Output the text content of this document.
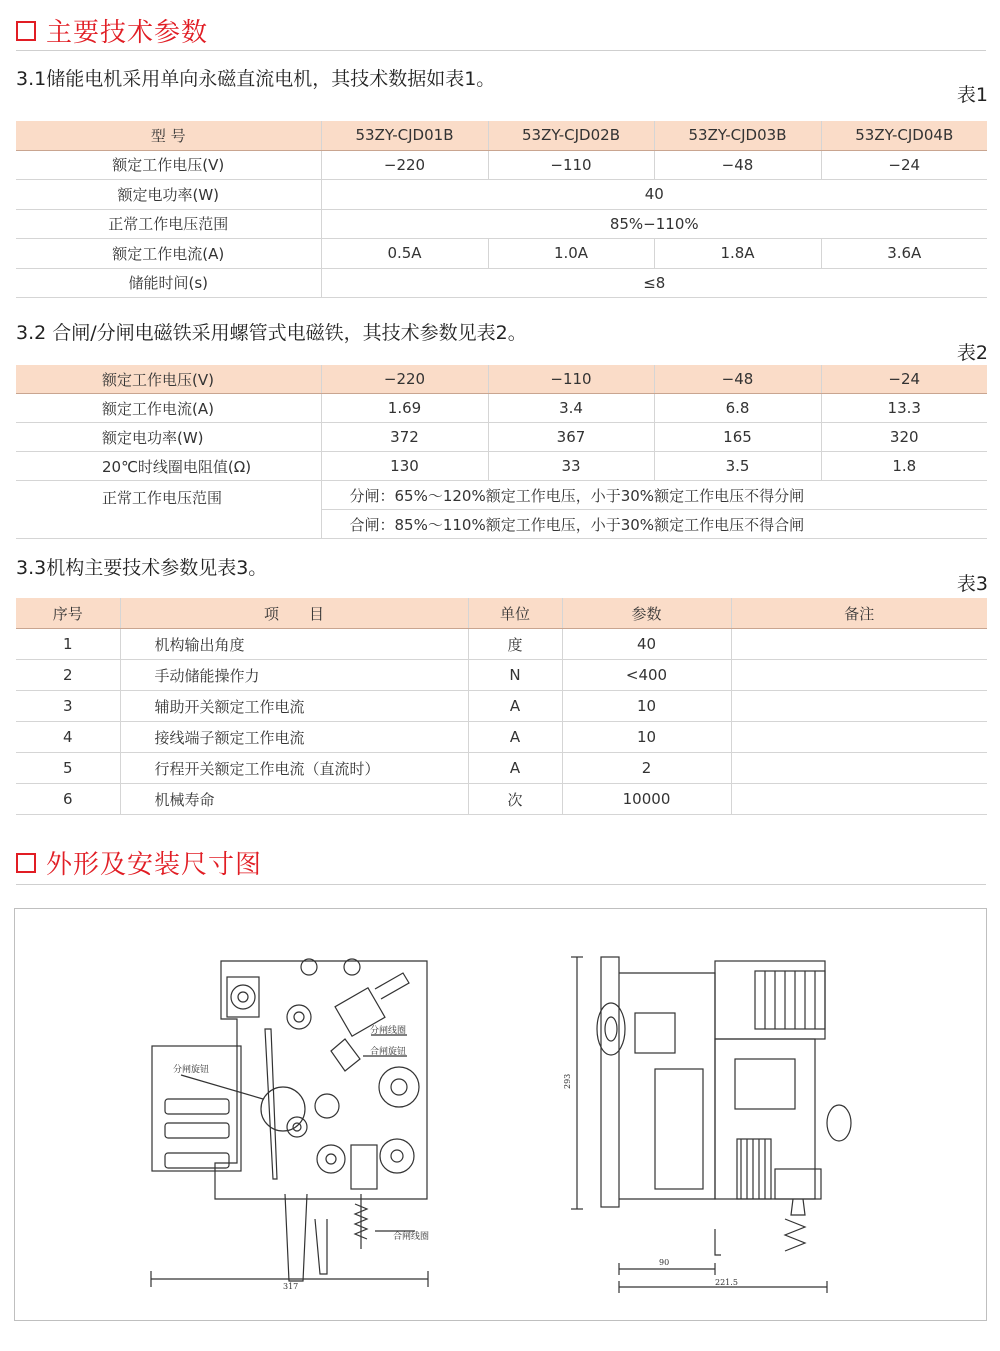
主要技术参数
3.1储能电机采用单向永磁直流电机，其技术数据如表1。
表1
型 号	53ZY-CJD01B	53ZY-CJD02B	53ZY-CJD03B	53ZY-CJD04B
额定工作电压(V)	−220	−110	−48	−24
额定电功率(W)	40			
正常工作电压范围	85%−110%			
额定工作电流(A)	0.5A	1.0A	1.8A	3.6A
储能时间(s)	≤8			
3.2 合闸/分闸电磁铁采用螺管式电磁铁，其技术参数见表2。
表2
额定工作电压(V)	−220	−110	−48	−24
额定工作电流(A)	1.69	3.4	6.8	13.3
额定电功率(W)	372	367	165	320
20℃时线圈电阻值(Ω)	130	33	3.5	1.8
正常工作电压范围	分闸：65%～120%额定工作电压，小于30%额定工作电压不得分闸			
	合闸：85%～110%额定工作电压，小于30%额定工作电压不得合闸			
3.3机构主要技术参数见表3。
表3
序号	项　　目	单位	参数	备注
1	机构输出角度	度	40	
2	手动储能操作力	N	<400	
3	辅助开关额定工作电流	A	10	
4	接线端子额定工作电流	A	10	
5	行程开关额定工作电流（直流时）	A	2	
6	机械寿命	次	10000	
外形及安装尺寸图
分闸旋钮
分闸线圈
合闸旋钮
合闸线圈
317
293
90
221.5
